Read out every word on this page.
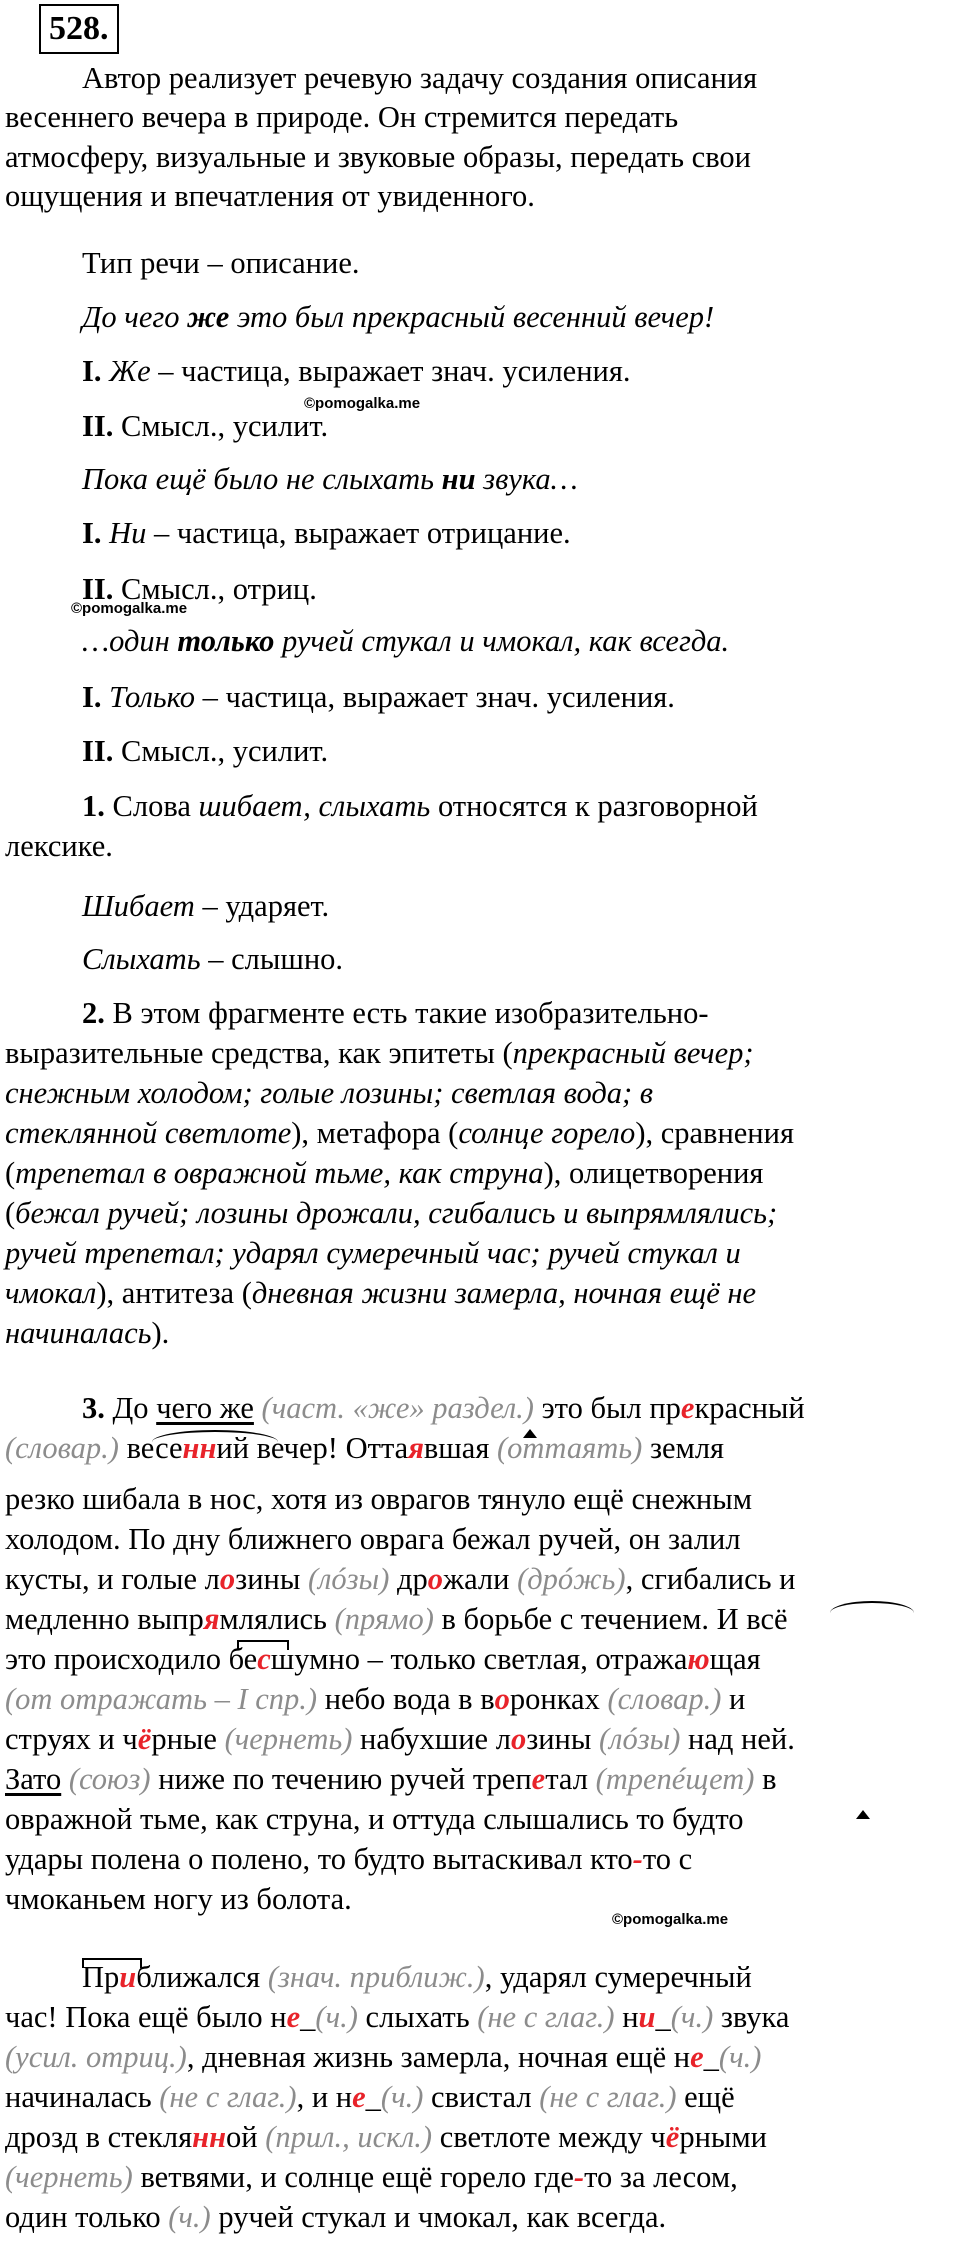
528.
Автор реализует речевую задачу создания описания
весеннего вечера в природе. Он стремится передать
атмосферу, визуальные и звуковые образы, передать свои
ощущения и впечатления от увиденного.
Тип речи – описание.
До чего же это был прекрасный весенний вечер!
I. Же – частица, выражает знач. усиления.
©pomogalka.me
II. Смысл., усилит.
Пока ещё было не слыхать ни звука…
I. Ни – частица, выражает отрицание.
II. Смысл., отриц.
©pomogalka.me
…один только ручей стукал и чмокал, как всегда.
I. Только – частица, выражает знач. усиления.
II. Смысл., усилит.
1. Слова шибает, слыхать относятся к разговорной
лексике.
Шибает – ударяет.
Слыхать – слышно.
2. В этом фрагменте есть такие изобразительно-
выразительные средства, как эпитеты (прекрасный вечер;
снежным холодом; голые лозины; светлая вода; в
стеклянной светлоте), метафора (солнце горело), сравнения
(трепетал в овражной тьме, как струна), олицетворения
(бежал ручей; лозины дрожали, сгибались и выпрямлялись;
ручей трепетал; ударял сумеречный час; ручей стукал и
чмокал), антитеза (дневная жизни замерла, ночная ещё не
начиналась).
3. До чего же (част. «же» раздел.) это был прекрасный
(словар.) весенний вечер! Оттаявшая (оттаять) земля
резко шибала в нос, хотя из оврагов тянуло ещё снежным
холодом. По дну ближнего оврага бежал ручей, он залил
кусты, и голые лозины (лóзы) дрожали (дрóжь), сгибались и
медленно выпрямлялись (прямо) в борьбе с течением. И всё
это происходило бесшумно – только светлая, отражающая
(от отражать – I спр.) небо вода в воронках (словар.) и
струях и чёрные (чернеть) набухшие лозины (лóзы) над ней.
Зато (союз) ниже по течению ручей трепетал (трепéщет) в
овражной тьме, как струна, и оттуда слышались то будто
удары полена о полено, то будто вытаскивал кто-то с
чмоканьем ногу из болота.
©pomogalka.me
Приближался (знач. приближ.), ударял сумеречный
час! Пока ещё было не_(ч.) слыхать (не с глаг.) ни_(ч.) звука
(усил. отриц.), дневная жизнь замерла, ночная ещё не_(ч.)
начиналась (не с глаг.), и не_(ч.) свистал (не с глаг.) ещё
дрозд в стеклянной (прил., искл.) светлоте между чёрными
(чернеть) ветвями, и солнце ещё горело где-то за лесом,
один только (ч.) ручей стукал и чмокал, как всегда.
